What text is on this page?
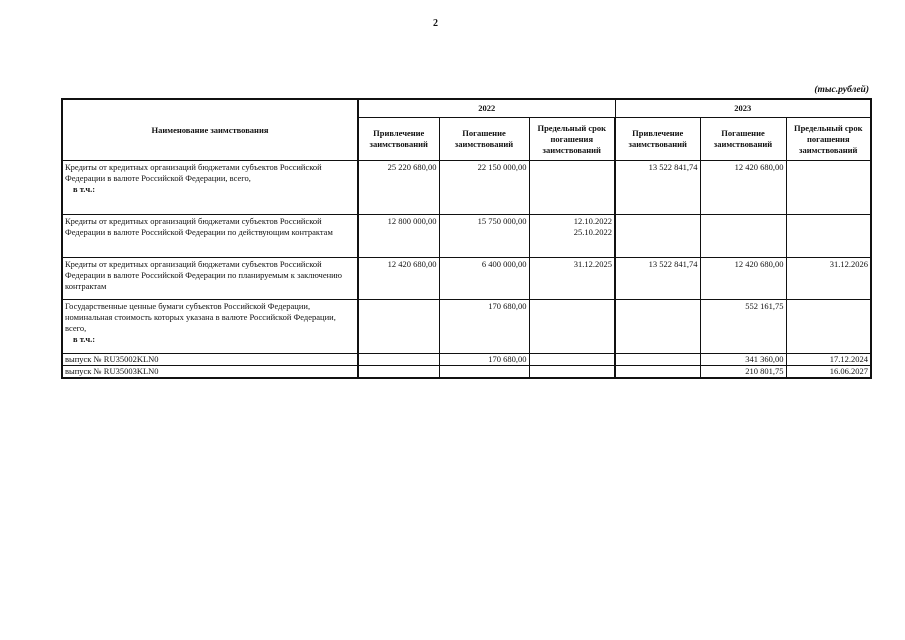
2
(тыс.рублей)
Наименование заимствования	2022			2023		
	Привлечение заимствований	Погашение заимствований	Предельный срок погашения заимствований	Привлечение заимствований	Погашение заимствований	Предельный срок погашения заимствований
Кредиты от кредитных организаций бюджетами субъектов Российской Федерации в валюте Российской Федерации, всего,
в т.ч.:	25 220 680,00	22 150 000,00		13 522 841,74	12 420 680,00	
Кредиты от кредитных организаций бюджетами субъектов Российской Федерации в валюте Российской Федерации по действующим контрактам	12 800 000,00	15 750 000,00	12.10.2022
25.10.2022			
Кредиты от кредитных организаций бюджетами субъектов Российской Федерации в валюте Российской Федерации по планируемым к заключению контрактам	12 420 680,00	6 400 000,00	31.12.2025	13 522 841,74	12 420 680,00	31.12.2026
Государственные ценные бумаги субъектов Российской Федерации, номинальная стоимость которых указана в валюте Российской Федерации, всего,
в т.ч.:		170 680,00			552 161,75	
выпуск № RU35002KLN0		170 680,00			341 360,00	17.12.2024
выпуск № RU35003KLN0					210 801,75	16.06.2027
